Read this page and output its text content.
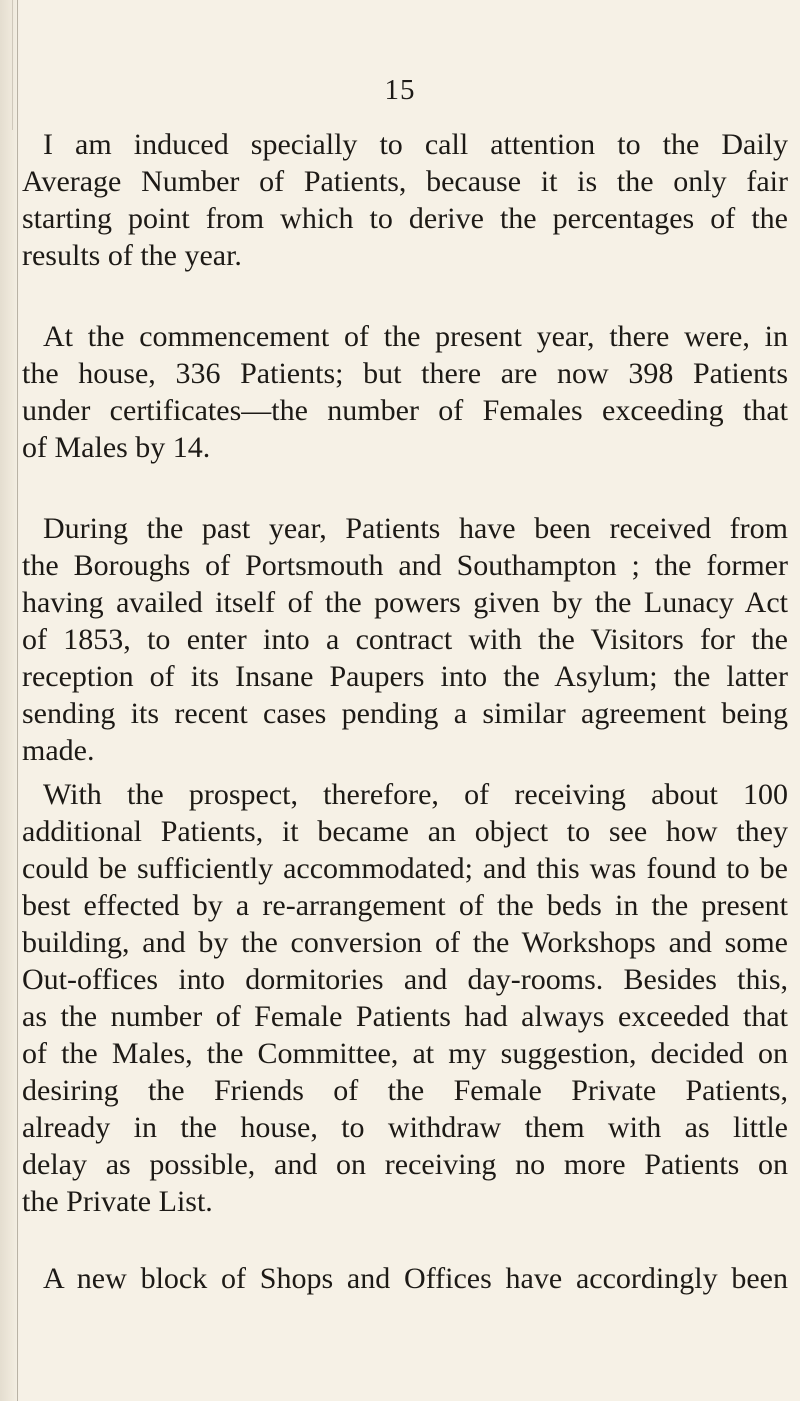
15

I am induced specially to call attention to the Daily
Average Number of Patients, because it is the only fair
starting point from which to derive the percentages of the
results of the year.

At the commencement of the present year, there were, in
the house, 336 Patients; but there are now 398 Patients
under certificates—the number of Females exceeding that
of Males by 14.

During the past year, Patients have been received from
the Boroughs of Portsmouth and Southampton ; the former
having availed itself of the powers given by the Lunacy Act
of 1853, to enter into a contract with the Visitors for the
reception of its Insane Paupers into the Asylum; the latter
sending its recent cases pending a similar agreement being
made.

With the prospect, therefore, of receiving about 100
additional Patients, it became an object to see how they
could be sufficiently accommodated; and this was found to be
best effected by a re-arrangement of the beds in the present
building, and by the conversion of the Workshops and some
Out-offices into dormitories and day-rooms. Besides this,
as the number of Female Patients had always exceeded that
of the Males, the Committee, at my suggestion, decided on
desiring the Friends of the Female Private Patients,
already in the house, to withdraw them with as little
delay as possible, and on receiving no more Patients on
the Private List.

A new block of Shops and Offices have accordingly been
